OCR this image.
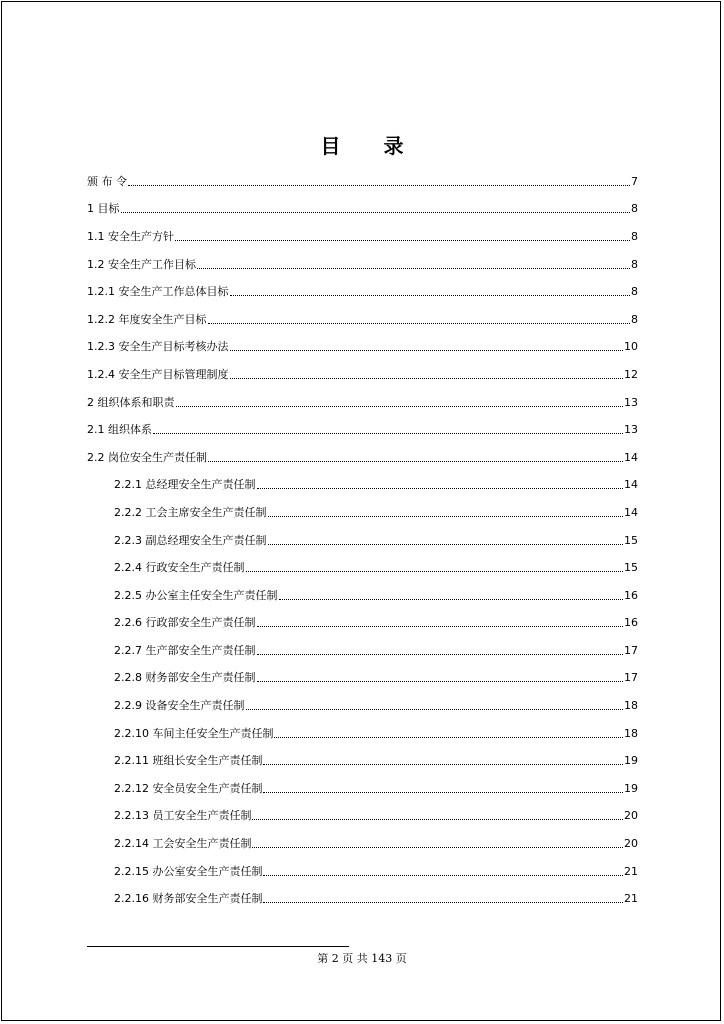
目 录
颁 布 令	7
1 目标	8
1.1 安全生产方针	8
1.2 安全生产工作目标	8
1.2.1 安全生产工作总体目标	8
1.2.2 年度安全生产目标	8
1.2.3 安全生产目标考核办法	10
1.2.4 安全生产目标管理制度	12
2 组织体系和职责	13
2.1 组织体系	13
2.2 岗位安全生产责任制	14
2.2.1 总经理安全生产责任制	14
2.2.2 工会主席安全生产责任制	14
2.2.3 副总经理安全生产责任制	15
2.2.4 行政安全生产责任制	15
2.2.5 办公室主任安全生产责任制	16
2.2.6 行政部安全生产责任制	16
2.2.7 生产部安全生产责任制	17
2.2.8 财务部安全生产责任制	17
2.2.9 设备安全生产责任制	18
2.2.10 车间主任安全生产责任制	18
2.2.11 班组长安全生产责任制	19
2.2.12 安全员安全生产责任制	19
2.2.13 员工安全生产责任制	20
2.2.14 工会安全生产责任制	20
2.2.15 办公室安全生产责任制	21
2.2.16 财务部安全生产责任制	21
第 2 页 共 143 页
